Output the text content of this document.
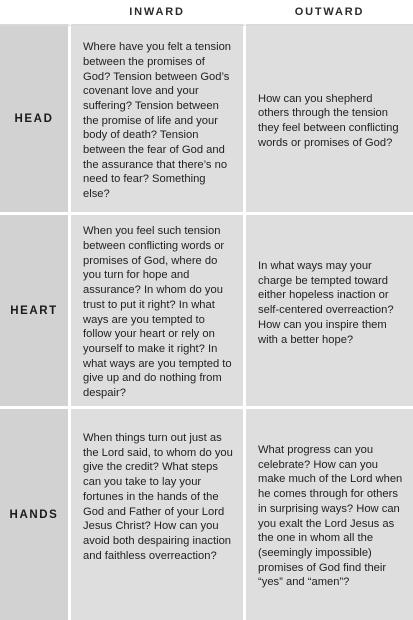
INWARD	OUTWARD
HEAD
Where have you felt a tension between the promises of God? Tension between God’s covenant love and your suffering? Tension between the promise of life and your body of death? Tension between the fear of God and the assurance that there’s no need to fear? Something else?
How can you shepherd others through the tension they feel between conflicting words or promises of God?
HEART
When you feel such tension between conflicting words or promises of God, where do you turn for hope and assurance? In whom do you trust to put it right? In what ways are you tempted to follow your heart or rely on yourself to make it right? In what ways are you tempted to give up and do nothing from despair?
In what ways may your charge be tempted toward either hopeless inaction or self-centered overreaction? How can you inspire them with a better hope?
HANDS
When things turn out just as the Lord said, to whom do you give the credit? What steps can you take to lay your fortunes in the hands of the God and Father of your Lord Jesus Christ? How can you avoid both despairing inaction and faithless overreaction?
What progress can you celebrate? How can you make much of the Lord when he comes through for others in surprising ways? How can you exalt the Lord Jesus as the one in whom all the (seemingly impossible) promises of God find their “yes” and “amen”?
